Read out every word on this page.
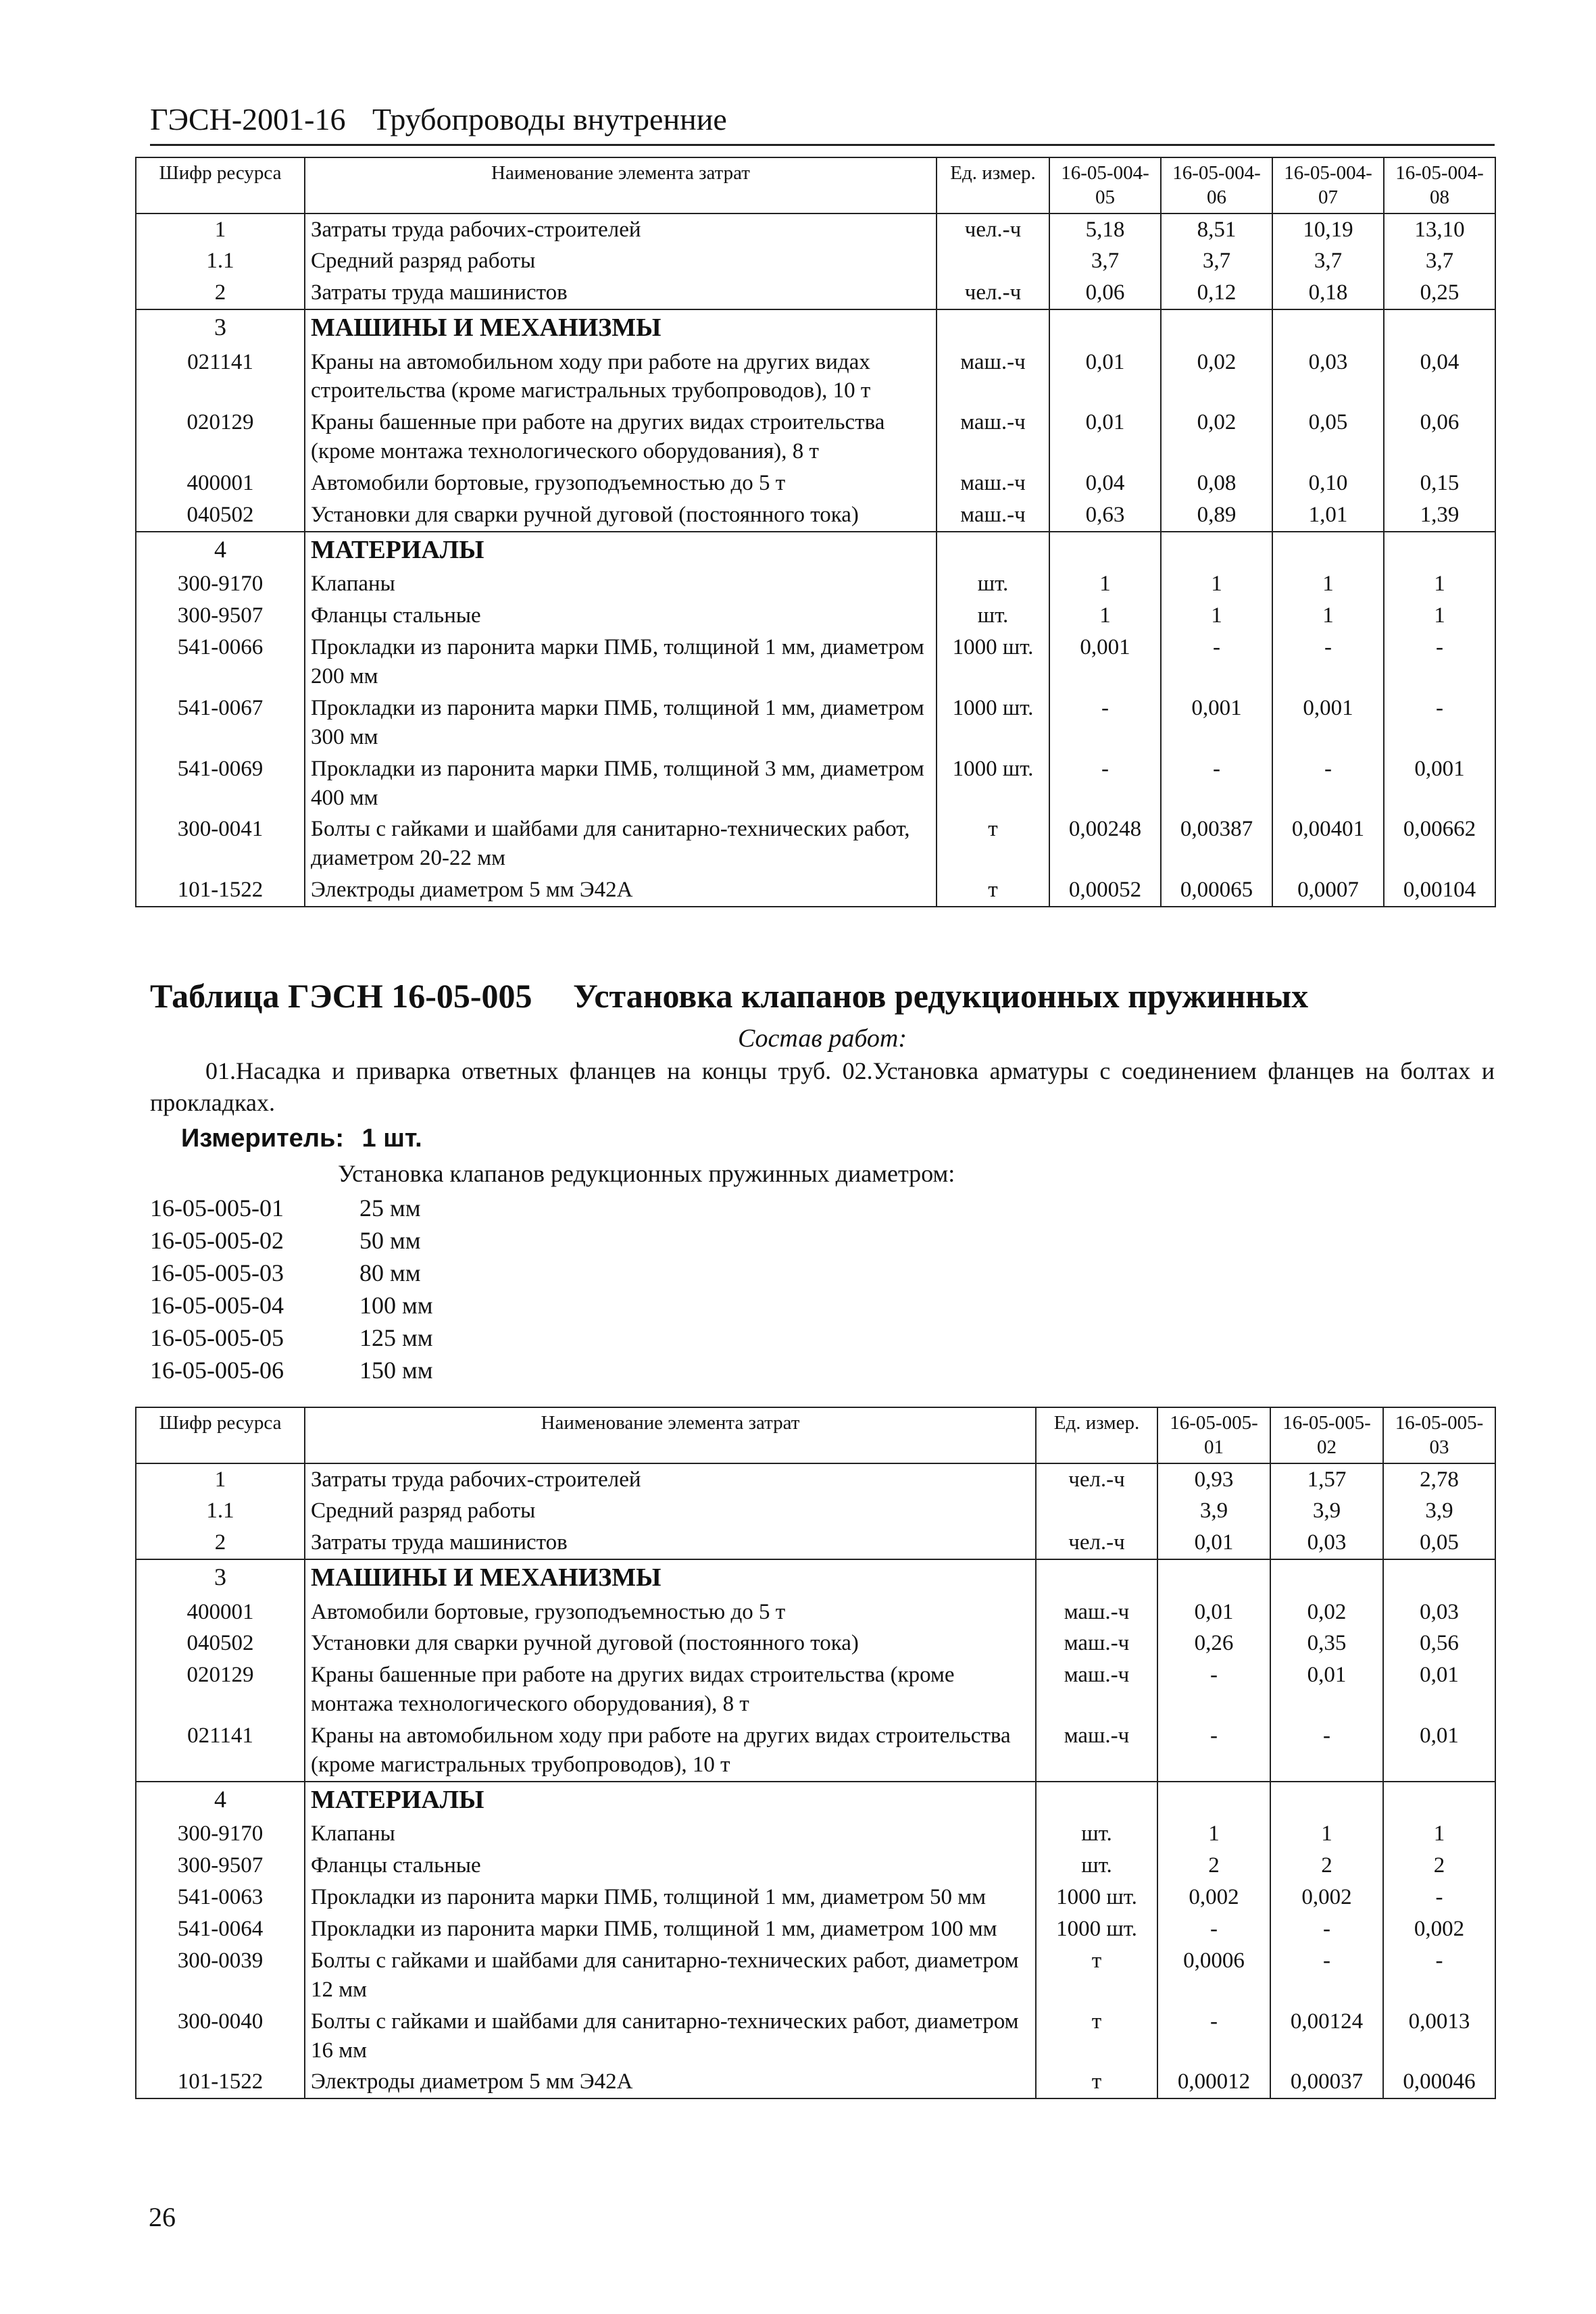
ГЭСН-2001-16 Трубопроводы внутренние
Шифр ресурса	Наименование элемента затрат	Ед. измер.	16-05-004-05	16-05-004-06	16-05-004-07	16-05-004-08
1	Затраты труда рабочих-строителей	чел.-ч	5,18	8,51	10,19	13,10
1.1	Средний разряд работы		3,7	3,7	3,7	3,7
2	Затраты труда машинистов	чел.-ч	0,06	0,12	0,18	0,25
3	МАШИНЫ И МЕХАНИЗМЫ					
021141	Краны на автомобильном ходу при работе на других видах строительства (кроме магистральных трубопроводов), 10 т	маш.-ч	0,01	0,02	0,03	0,04
020129	Краны башенные при работе на других видах строительства (кроме монтажа технологического оборудования), 8 т	маш.-ч	0,01	0,02	0,05	0,06
400001	Автомобили бортовые, грузоподъемностью до 5 т	маш.-ч	0,04	0,08	0,10	0,15
040502	Установки для сварки ручной дуговой (постоянного тока)	маш.-ч	0,63	0,89	1,01	1,39
4	МАТЕРИАЛЫ					
300-9170	Клапаны	шт.	1	1	1	1
300-9507	Фланцы стальные	шт.	1	1	1	1
541-0066	Прокладки из паронита марки ПМБ, толщиной 1 мм, диаметром 200 мм	1000 шт.	0,001	-	-	-
541-0067	Прокладки из паронита марки ПМБ, толщиной 1 мм, диаметром 300 мм	1000 шт.	-	0,001	0,001	-
541-0069	Прокладки из паронита марки ПМБ, толщиной 3 мм, диаметром 400 мм	1000 шт.	-	-	-	0,001
300-0041	Болты с гайками и шайбами для санитарно-технических работ, диаметром 20-22 мм	т	0,00248	0,00387	0,00401	0,00662
101-1522	Электроды диаметром 5 мм Э42А	т	0,00052	0,00065	0,0007	0,00104
Таблица ГЭСН 16-05-005 Установка клапанов редукционных пружинных
Состав работ:
01.Насадка и приварка ответных фланцев на концы труб. 02.Установка арматуры с соединением фланцев на болтах и прокладках.
Измеритель: 1 шт.
Установка клапанов редукционных пружинных диаметром:
16-05-005-01	25 мм
16-05-005-02	50 мм
16-05-005-03	80 мм
16-05-005-04	100 мм
16-05-005-05	125 мм
16-05-005-06	150 мм
Шифр ресурса	Наименование элемента затрат	Ед. измер.	16-05-005-01	16-05-005-02	16-05-005-03
1	Затраты труда рабочих-строителей	чел.-ч	0,93	1,57	2,78
1.1	Средний разряд работы		3,9	3,9	3,9
2	Затраты труда машинистов	чел.-ч	0,01	0,03	0,05
3	МАШИНЫ И МЕХАНИЗМЫ				
400001	Автомобили бортовые, грузоподъемностью до 5 т	маш.-ч	0,01	0,02	0,03
040502	Установки для сварки ручной дуговой (постоянного тока)	маш.-ч	0,26	0,35	0,56
020129	Краны башенные при работе на других видах строительства (кроме монтажа технологического оборудования), 8 т	маш.-ч	-	0,01	0,01
021141	Краны на автомобильном ходу при работе на других видах строительства (кроме магистральных трубопроводов), 10 т	маш.-ч	-	-	0,01
4	МАТЕРИАЛЫ				
300-9170	Клапаны	шт.	1	1	1
300-9507	Фланцы стальные	шт.	2	2	2
541-0063	Прокладки из паронита марки ПМБ, толщиной 1 мм, диаметром 50 мм	1000 шт.	0,002	0,002	-
541-0064	Прокладки из паронита марки ПМБ, толщиной 1 мм, диаметром 100 мм	1000 шт.	-	-	0,002
300-0039	Болты с гайками и шайбами для санитарно-технических работ, диаметром 12 мм	т	0,0006	-	-
300-0040	Болты с гайками и шайбами для санитарно-технических работ, диаметром 16 мм	т	-	0,00124	0,0013
101-1522	Электроды диаметром 5 мм Э42А	т	0,00012	0,00037	0,00046
26
